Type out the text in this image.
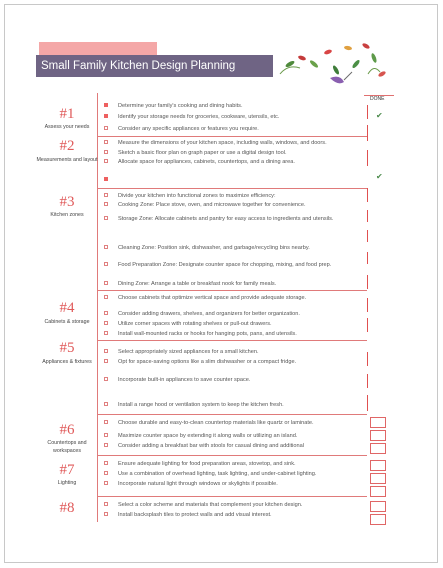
Small Family Kitchen Design Planning
DONE
#1
Assess your needs
Determine your family's cooking and dining habits.
Identify your storage needs for groceries, cookware, utensils, etc.
Consider any specific appliances or features you require.
#2
Measurements and layout
Measure the dimensions of your kitchen space, including walls, windows, and doors.
Sketch a basic floor plan on graph paper or use a digital design tool.
Allocate space for appliances, cabinets, countertops, and a dining area.
#3
Kitchen zones
Divide your kitchen into functional zones to maximize efficiency:
Cooking Zone: Place stove, oven, and microwave together for convenience.
Storage Zone: Allocate cabinets and pantry for easy access to ingredients and utensils.
Cleaning Zone: Position sink, dishwasher, and garbage/recycling bins nearby.
Food Preparation Zone: Designate counter space for chopping, mixing, and food prep.
Dining Zone: Arrange a table or breakfast nook for family meals.
#4
Cabinets & storage
Choose cabinets that optimize vertical space and provide adequate storage.
Consider adding drawers, shelves, and organizers for better organization.
Utilize corner spaces with rotating shelves or pull-out drawers.
Install wall-mounted racks or hooks for hanging pots, pans, and utensils.
#5
Appliances & fixtures
Select appropriately sized appliances for a small kitchen.
Opt for space-saving options like a slim dishwasher or a compact fridge.
Incorporate built-in appliances to save counter space.
Install a range hood or ventilation system to keep the kitchen fresh.
#6
Countertops and workspaces
Choose durable and easy-to-clean countertop materials like quartz or laminate.
Maximize counter space by extending it along walls or utilizing an island.
Consider adding a breakfast bar with stools for casual dining and additional
#7
Lighting
Ensure adequate lighting for food preparation areas, stovetop, and sink.
Use a combination of overhead lighting, task lighting, and under-cabinet lighting.
Incorporate natural light through windows or skylights if possible.
#8	Select a color scheme and materials that complement your kitchen design.
Install backsplash tiles to protect walls and add visual interest.
✔
✔
